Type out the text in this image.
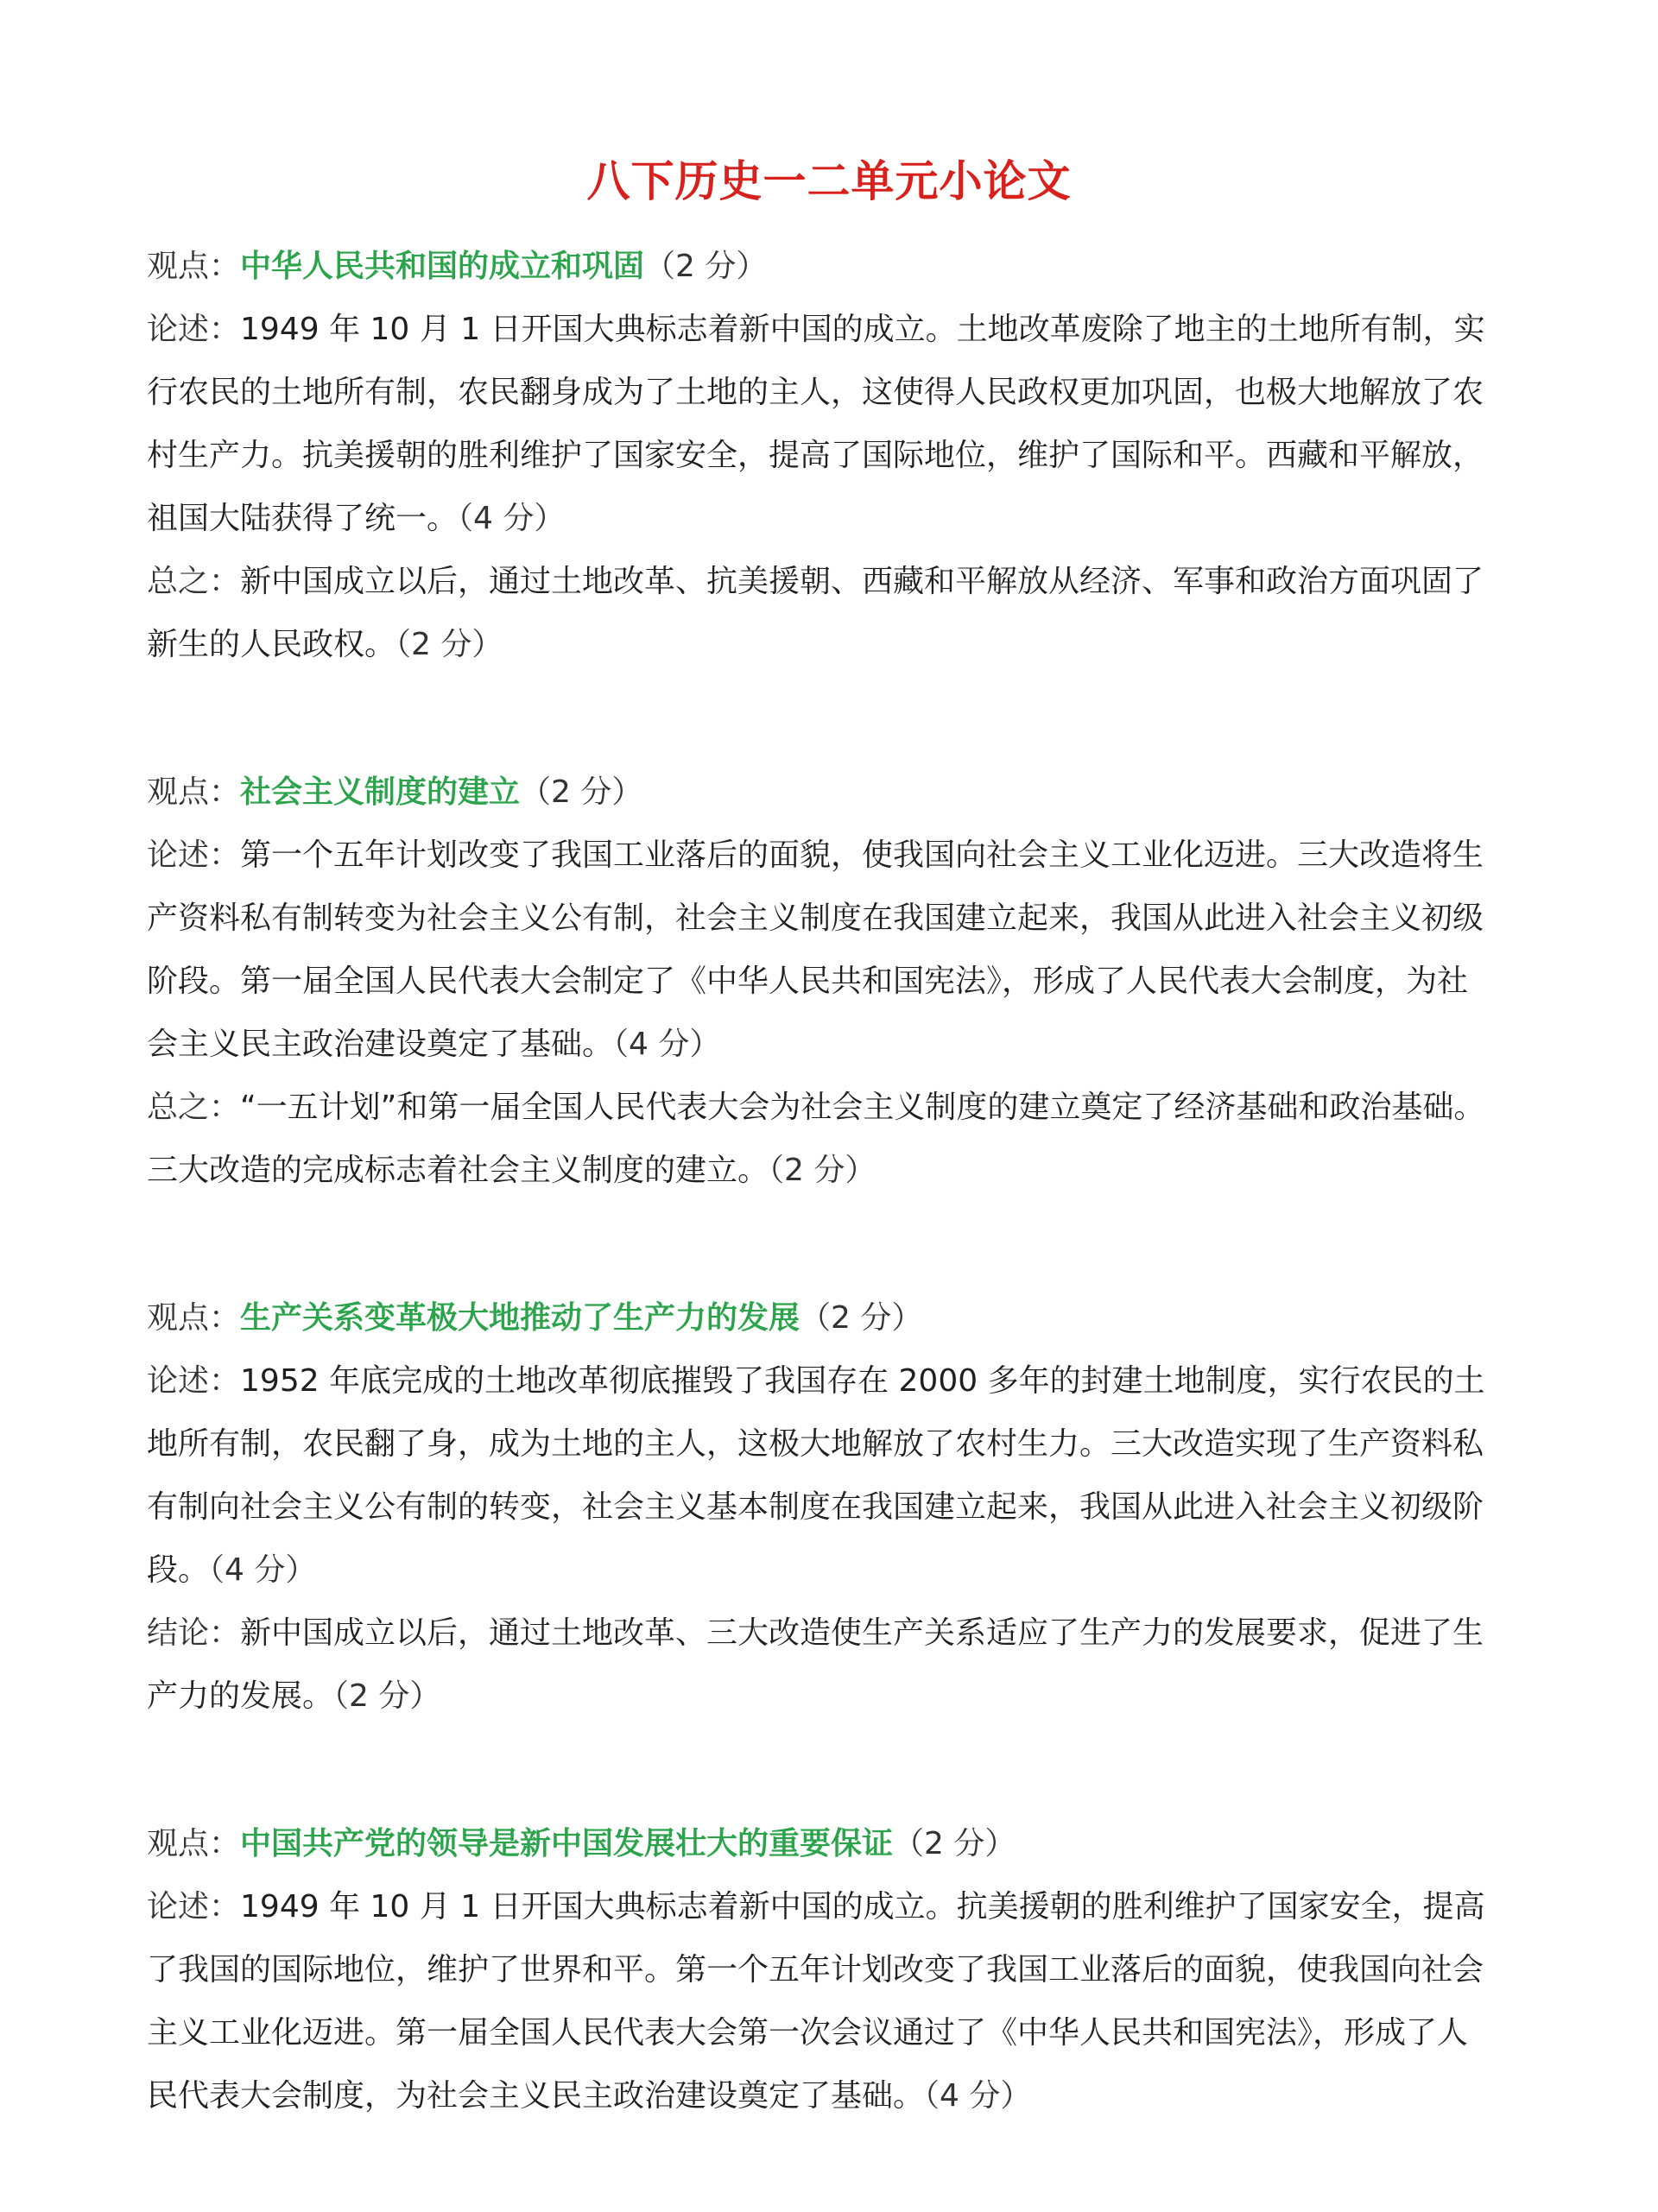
八下历史一二单元小论文

观点：中华人民共和国的成立和巩固（2 分）

论述：1949 年 10 月 1 日开国大典标志着新中国的成立。土地改革废除了地主的土地所有制，实行农民的土地所有制，农民翻身成为了土地的主人，这使得人民政权更加巩固，也极大地解放了农村生产力。抗美援朝的胜利维护了国家安全，提高了国际地位，维护了国际和平。西藏和平解放，祖国大陆获得了统一。（4 分）

总之：新中国成立以后，通过土地改革、抗美援朝、西藏和平解放从经济、军事和政治方面巩固了新生的人民政权。（2 分）

观点：社会主义制度的建立（2 分）

论述：第一个五年计划改变了我国工业落后的面貌，使我国向社会主义工业化迈进。三大改造将生产资料私有制转变为社会主义公有制，社会主义制度在我国建立起来，我国从此进入社会主义初级阶段。第一届全国人民代表大会制定了《中华人民共和国宪法》，形成了人民代表大会制度，为社会主义民主政治建设奠定了基础。（4 分）

总之：“一五计划”和第一届全国人民代表大会为社会主义制度的建立奠定了经济基础和政治基础。三大改造的完成标志着社会主义制度的建立。（2 分）

观点：生产关系变革极大地推动了生产力的发展（2 分）

论述：1952 年底完成的土地改革彻底摧毁了我国存在 2000 多年的封建土地制度，实行农民的土地所有制，农民翻了身，成为土地的主人，这极大地解放了农村生力。三大改造实现了生产资料私有制向社会主义公有制的转变，社会主义基本制度在我国建立起来，我国从此进入社会主义初级阶段。（4 分）

结论：新中国成立以后，通过土地改革、三大改造使生产关系适应了生产力的发展要求，促进了生产力的发展。（2 分）

观点：中国共产党的领导是新中国发展壮大的重要保证（2 分）

论述：1949 年 10 月 1 日开国大典标志着新中国的成立。抗美援朝的胜利维护了国家安全，提高了我国的国际地位，维护了世界和平。第一个五年计划改变了我国工业落后的面貌，使我国向社会主义工业化迈进。第一届全国人民代表大会第一次会议通过了《中华人民共和国宪法》，形成了人民代表大会制度，为社会主义民主政治建设奠定了基础。（4 分）
